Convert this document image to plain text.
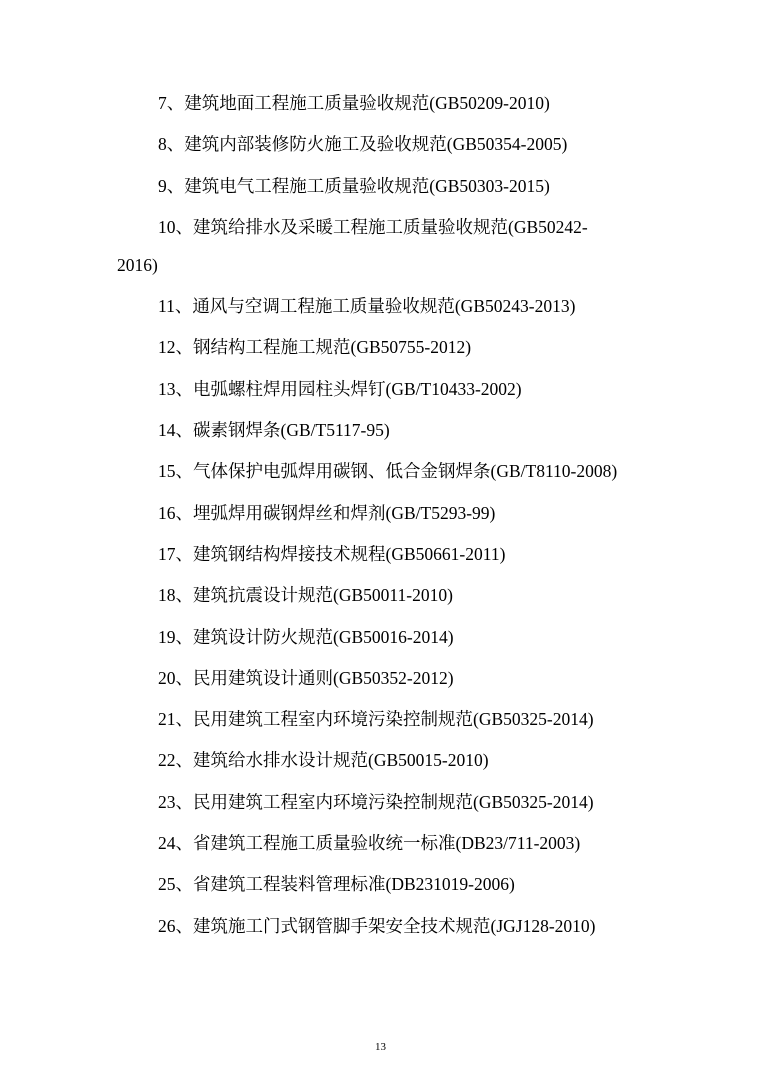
7、建筑地面工程施工质量验收规范(GB50209-2010)
8、建筑内部装修防火施工及验收规范(GB50354-2005)
9、建筑电气工程施工质量验收规范(GB50303-2015)
10、建筑给排水及采暖工程施工质量验收规范(GB50242-
2016)
11、通风与空调工程施工质量验收规范(GB50243-2013)
12、钢结构工程施工规范(GB50755-2012)
13、电弧螺柱焊用园柱头焊钉(GB/T10433-2002)
14、碳素钢焊条(GB/T5117-95)
15、气体保护电弧焊用碳钢、低合金钢焊条(GB/T8110-2008)
16、埋弧焊用碳钢焊丝和焊剂(GB/T5293-99)
17、建筑钢结构焊接技术规程(GB50661-2011)
18、建筑抗震设计规范(GB50011-2010)
19、建筑设计防火规范(GB50016-2014)
20、民用建筑设计通则(GB50352-2012)
21、民用建筑工程室内环境污染控制规范(GB50325-2014)
22、建筑给水排水设计规范(GB50015-2010)
23、民用建筑工程室内环境污染控制规范(GB50325-2014)
24、省建筑工程施工质量验收统一标准(DB23/711-2003)
25、省建筑工程装料管理标准(DB231019-2006)
26、建筑施工门式钢管脚手架安全技术规范(JGJ128-2010)
13
